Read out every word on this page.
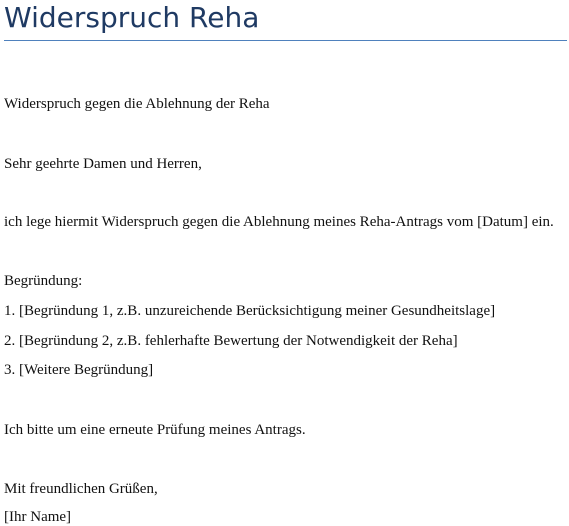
Widerspruch Reha
Widerspruch gegen die Ablehnung der Reha
Sehr geehrte Damen und Herren,
ich lege hiermit Widerspruch gegen die Ablehnung meines Reha-Antrags vom [Datum] ein.
Begründung:
1. [Begründung 1, z.B. unzureichende Berücksichtigung meiner Gesundheitslage]
2. [Begründung 2, z.B. fehlerhafte Bewertung der Notwendigkeit der Reha]
3. [Weitere Begründung]
Ich bitte um eine erneute Prüfung meines Antrags.
Mit freundlichen Grüßen,
[Ihr Name]
